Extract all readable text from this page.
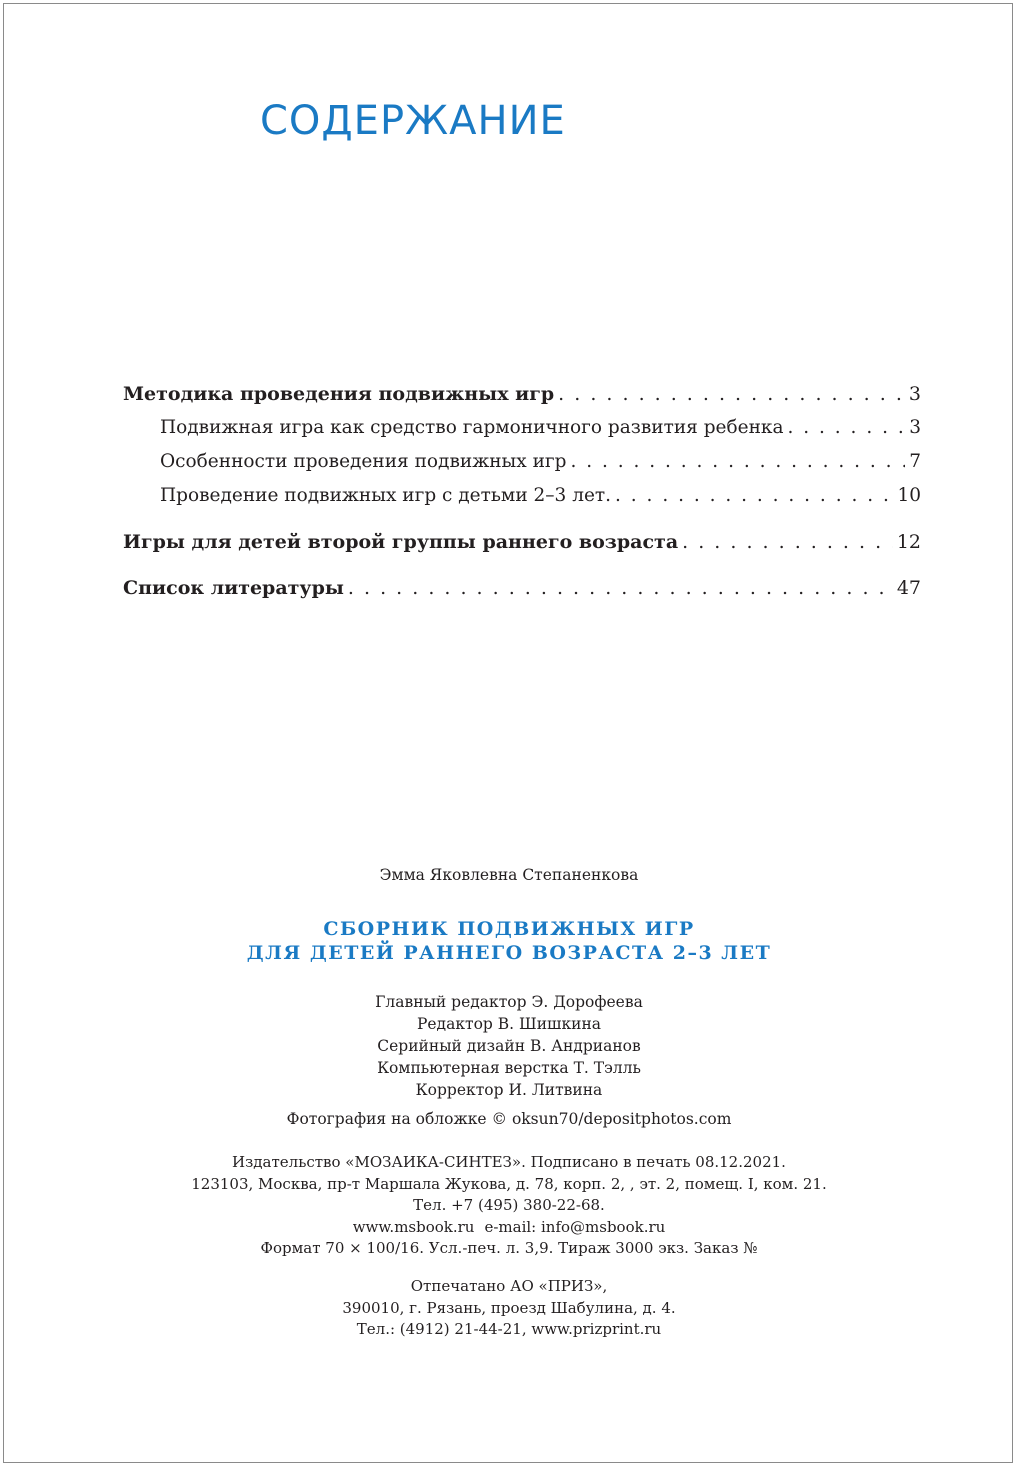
СОДЕРЖАНИЕ
Методика проведения подвижных игр . . .	3
Подвижная игра как средство гармоничного развития ребенка . . .	3
Особенности проведения подвижных игр . . .	7
Проведение подвижных игр с детьми 2–3 лет. . . .	10
Игры для детей второй группы раннего возраста . . .	12
Список литературы . . .	47
Эмма Яковлевна Степаненкова
СБОРНИК ПОДВИЖНЫХ ИГР
ДЛЯ ДЕТЕЙ РАННЕГО ВОЗРАСТА 2–3 ЛЕТ
Главный редактор Э. Дорофеева
Редактор В. Шишкина
Серийный дизайн В. Андрианов
Компьютерная верстка Т. Тэлль
Корректор И. Литвина
Фотография на обложке © oksun70/depositphotos.com
Издательство «МОЗАИКА-СИНТЕЗ». Подписано в печать 08.12.2021.
123103, Москва, пр-т Маршала Жукова, д. 78, корп. 2, , эт. 2, помещ. I, ком. 21.
Тел. +7 (495) 380-22-68.
www.msbook.ru e-mail: info@msbook.ru
Формат 70 × 100/16. Усл.-печ. л. 3,9. Тираж 3000 экз. Заказ №
Отпечатано АО «ПРИЗ»,
390010, г. Рязань, проезд Шабулина, д. 4.
Тел.: (4912) 21-44-21, www.prizprint.ru
